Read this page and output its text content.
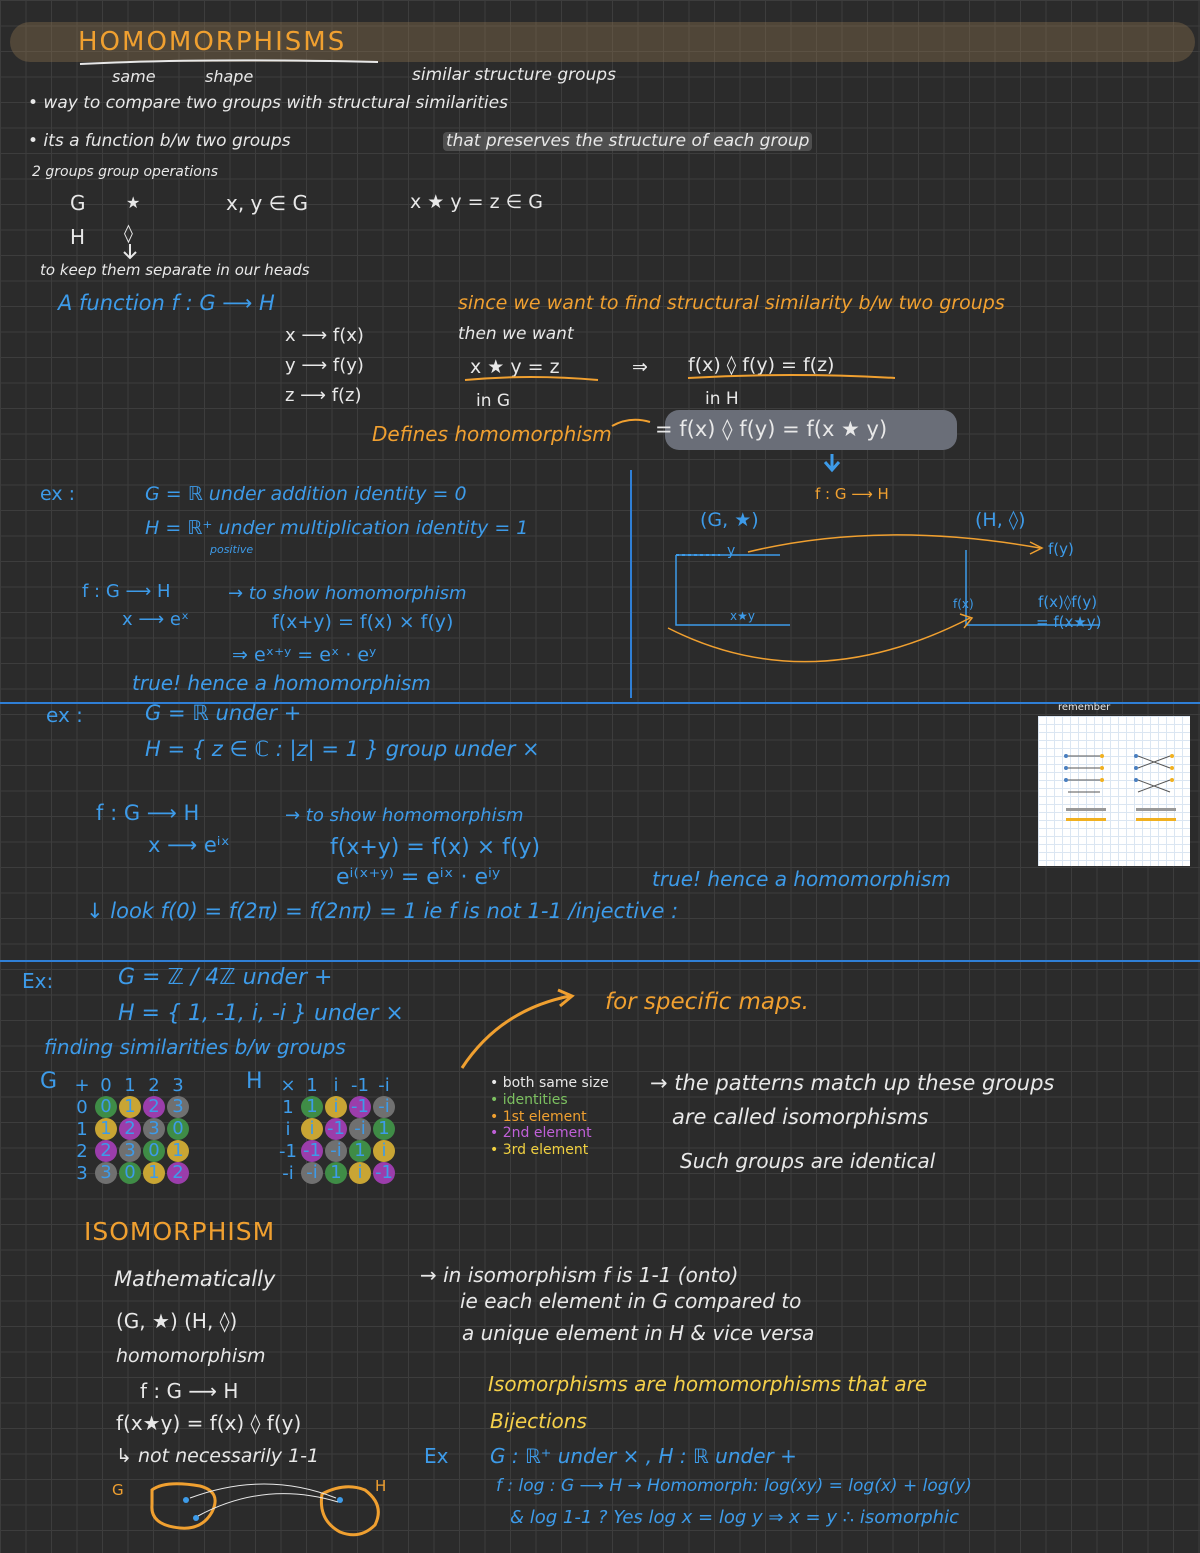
HOMOMORPHISMS
same	shape	similar structure groups
• way to compare two groups with structural similarities
• its a function b/w two groups	that preserves the structure of each group
2 groups group operations
G	★	x, y ∈ G	x ★ y = z ∈ G
H ◊
to keep them separate in our heads
A function f : G ⟶ H
x ⟶ f(x)
y ⟶ f(y)
z ⟶ f(z)
since we want to find structural similarity b/w two groups
then we want
x ★ y = z	⇒ f(x) ◊ f(y) = f(z)
in G	in H
Defines homomorphism = f(x) ◊ f(y) = f(x ★ y)
ex :	G = ℝ under addition identity = 0
H = ℝ⁺ under multiplication identity = 1
positive
f : G ⟶ H
x ⟶ eˣ
→ to show homomorphism
f(x+y) = f(x) × f(y)
⇒ eˣ⁺ʸ = eˣ · eʸ
true! hence a homomorphism
f : G ⟶ H
(G, ★)	(H, ◊)
y
x★y
f(y)
f(x)	f(x)◊f(y)
= f(x★y)
remember
ex :	G = ℝ under +
H = { z ∈ ℂ : |z| = 1 } group under ×
f : G ⟶ H
x ⟶ eⁱˣ
→ to show homomorphism
f(x+y) = f(x) × f(y)
eⁱ⁽ˣ⁺ʸ⁾ = eⁱˣ · eⁱʸ	true! hence a homomorphism
↓ look f(0) = f(2π) = f(2nπ) = 1 ie f is not 1-1 /injective :
Ex:	G = ℤ / 4ℤ under +
H = { 1, -1, i, -i } under ×
finding similarities b/w groups
for specific maps.
G	H
+	0	1	2	3
0	0	1	2	3
1	1	2	3	0
2	2	3	0	1
3	3	0	1	2
×	1	i	-1	-i
1	1	i	-1	-i
i	i	-1	-i	1
-1	-1	-i	1	i
-i	-i	1	i	-1
• both same size
• identities
• 1st element
• 2nd element
• 3rd element
→ the patterns match up these groups
are called isomorphisms
Such groups are identical
ISOMORPHISM
Mathematically
(G, ★) (H, ◊)
homomorphism
f : G ⟶ H
f(x★y) = f(x) ◊ f(y)
↳ not necessarily 1-1
G	H
→ in isomorphism f is 1-1 (onto)
ie each element in G compared to
a unique element in H & vice versa
Isomorphisms are homomorphisms that are
Bijections
Ex G : ℝ⁺ under × , H : ℝ under +
f : log : G ⟶ H → Homomorph: log(xy) = log(x) + log(y)
& log 1-1 ? Yes log x = log y ⇒ x = y ∴ isomorphic
